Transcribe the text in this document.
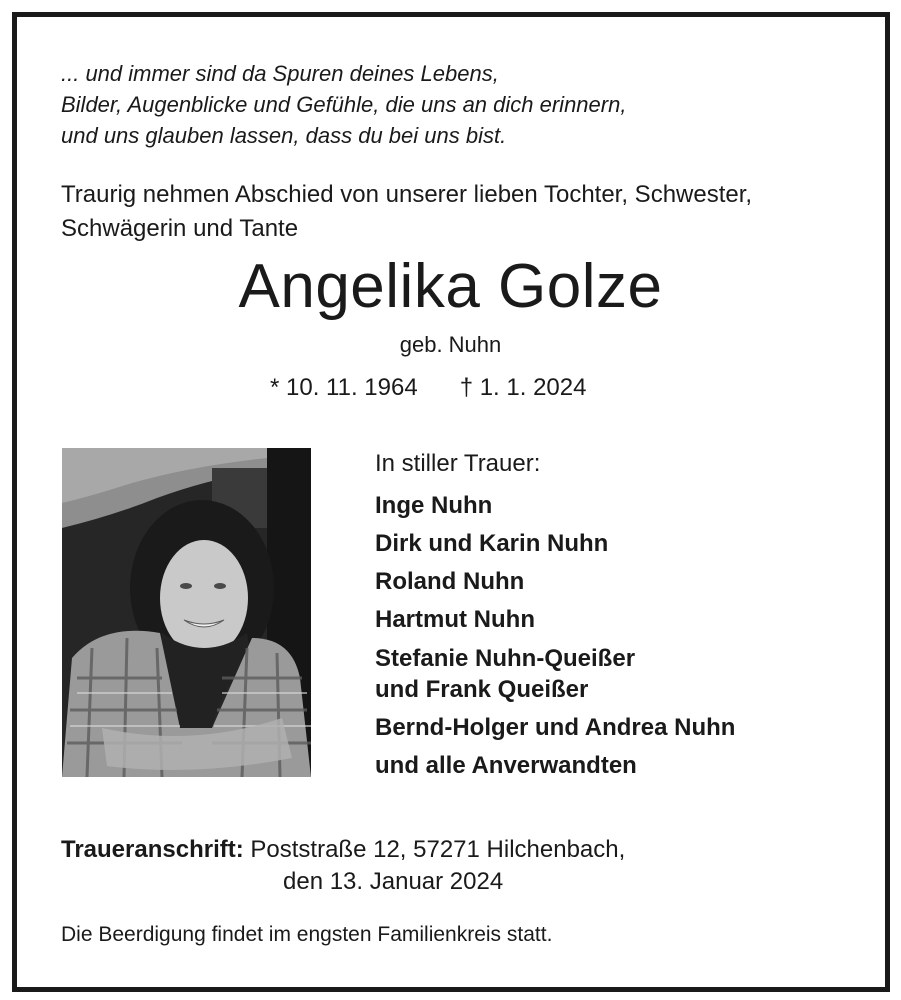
... und immer sind da Spuren deines Lebens,
Bilder, Augenblicke und Gefühle, die uns an dich erinnern,
und uns glauben lassen, dass du bei uns bist.
Traurig nehmen Abschied von unserer lieben Tochter, Schwester,
Schwägerin und Tante
Angelika Golze
geb. Nuhn
* 10. 11. 1964 † 1. 1. 2024
In stiller Trauer:
Inge Nuhn
Dirk und Karin Nuhn
Roland Nuhn
Hartmut Nuhn
Stefanie Nuhn-Queißer
und Frank Queißer
Bernd-Holger und Andrea Nuhn
und alle Anverwandten
Traueranschrift: Poststraße 12, 57271 Hilchenbach,
den 13. Januar 2024
Die Beerdigung findet im engsten Familienkreis statt.
